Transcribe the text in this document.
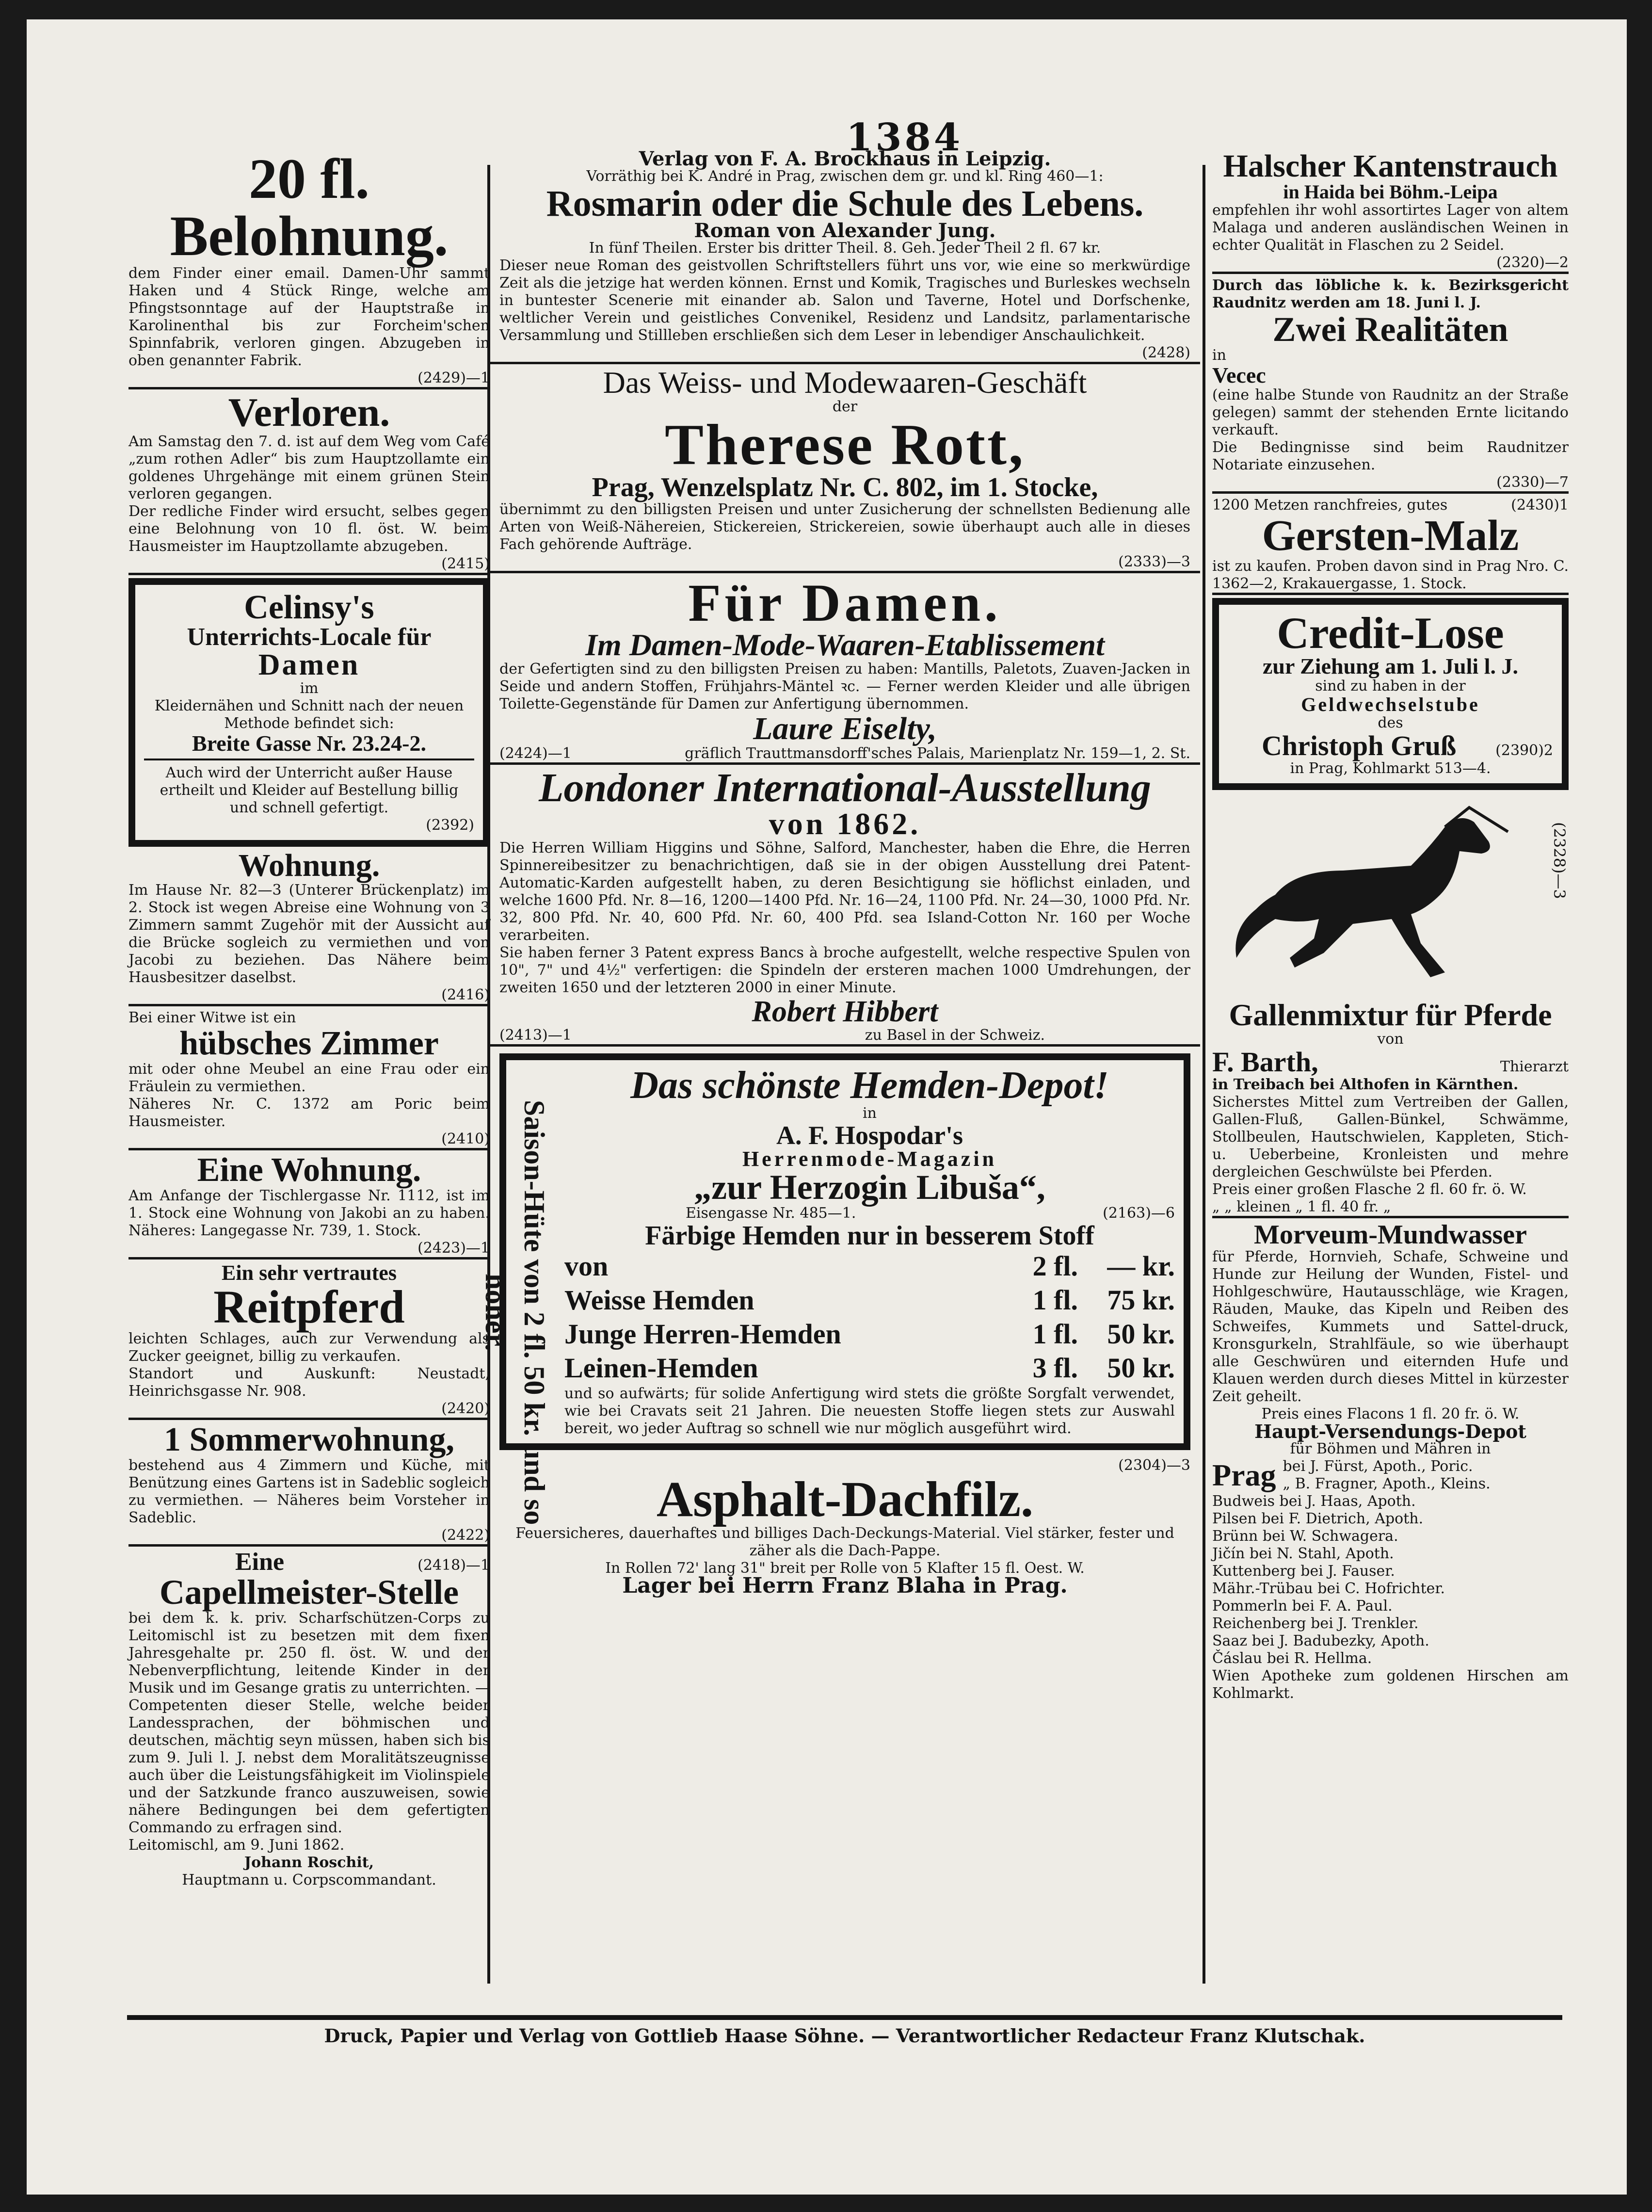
1384
20 fl. Belohnung.
dem Finder einer email. Damen-Uhr sammt Haken und 4 Stück Ringe, welche am Pfingstsonntage auf der Hauptstraße in Karolinenthal bis zur Forcheim'schen Spinnfabrik, verloren gingen. Abzugeben in oben genannter Fabrik.
(2429)—1
Verloren.
Am Samstag den 7. d. ist auf dem Weg vom Café „zum rothen Adler“ bis zum Hauptzollamte ein goldenes Uhrgehänge mit einem grünen Stein verloren gegangen.
Der redliche Finder wird ersucht, selbes gegen eine Belohnung von 10 fl. öst. W. beim Hausmeister im Hauptzollamte abzugeben.
(2415)
Celinsy's
Unterrichts-Locale für
Damen
im
Kleidernähen und Schnitt nach der neuen Methode befindet sich:
Breite Gasse Nr. 23.24-2.
Auch wird der Unterricht außer Hause ertheilt und Kleider auf Bestellung billig und schnell gefertigt.
(2392)
Wohnung.
Im Hause Nr. 82—3 (Unterer Brückenplatz) im 2. Stock ist wegen Abreise eine Wohnung von 3 Zimmern sammt Zugehör mit der Aussicht auf die Brücke sogleich zu vermiethen und von Jacobi zu beziehen. Das Nähere beim Hausbesitzer daselbst.
(2416)
Bei einer Witwe ist ein
hübsches Zimmer
mit oder ohne Meubel an eine Frau oder ein Fräulein zu vermiethen.
Näheres Nr. C. 1372 am Poric beim Hausmeister.
(2410)
Eine Wohnung.
Am Anfange der Tischlergasse Nr. 1112, ist im 1. Stock eine Wohnung von Jakobi an zu haben. Näheres: Langegasse Nr. 739, 1. Stock.
(2423)—1
Ein sehr vertrautes
Reitpferd
leichten Schlages, auch zur Verwendung als Zucker geeignet, billig zu verkaufen.
Standort und Auskunft: Neustadt, Heinrichsgasse Nr. 908.
(2420)
1 Sommerwohnung,
bestehend aus 4 Zimmern und Küche, mit Benützung eines Gartens ist in Sadeblic sogleich zu vermiethen. — Näheres beim Vorsteher in Sadeblic.
(2422)
Eine	(2418)—1
Capellmeister-Stelle
bei dem k. k. priv. Scharfschützen-Corps zu Leitomischl ist zu besetzen mit dem fixen Jahresgehalte pr. 250 fl. öst. W. und der Nebenverpflichtung, leitende Kinder in der Musik und im Gesange gratis zu unterrichten. — Competenten dieser Stelle, welche beider Landessprachen, der böhmischen und deutschen, mächtig seyn müssen, haben sich bis zum 9. Juli l. J. nebst dem Moralitätszeugnisse auch über die Leistungsfähigkeit im Violinspiele und der Satzkunde franco auszuweisen, sowie nähere Bedingungen bei dem gefertigten Commando zu erfragen sind.
Leitomischl, am 9. Juni 1862.
Johann Roschit,
Hauptmann u. Corpscommandant.
Verlag von F. A. Brockhaus in Leipzig.
Vorräthig bei K. André in Prag, zwischen dem gr. und kl. Ring 460—1:
Rosmarin oder die Schule des Lebens.
Roman von Alexander Jung.
In fünf Theilen. Erster bis dritter Theil. 8. Geh. Jeder Theil 2 fl. 67 kr.
Dieser neue Roman des geistvollen Schriftstellers führt uns vor, wie eine so merkwürdige Zeit als die jetzige hat werden können. Ernst und Komik, Tragisches und Burleskes wechseln in buntester Scenerie mit einander ab. Salon und Taverne, Hotel und Dorfschenke, weltlicher Verein und geistliches Convenikel, Residenz und Landsitz, parlamentarische Versammlung und Stillleben erschließen sich dem Leser in lebendiger Anschaulichkeit.
(2428)
Das Weiss- und Modewaaren-Geschäft
der
Therese Rott,
Prag, Wenzelsplatz Nr. C. 802, im 1. Stocke,
übernimmt zu den billigsten Preisen und unter Zusicherung der schnellsten Bedienung alle Arten von Weiß-Nähereien, Stickereien, Strickereien, sowie überhaupt auch alle in dieses Fach gehörende Aufträge.
(2333)—3
Für Damen.
Im Damen-Mode-Waaren-Etablissement
der Gefertigten sind zu den billigsten Preisen zu haben: Mantills, Paletots, Zuaven-Jacken in Seide und andern Stoffen, Frühjahrs-Mäntel ꝛc. — Ferner werden Kleider und alle übrigen Toilette-Gegenstände für Damen zur Anfertigung übernommen.
Laure Eiselty,
(2424)—1	gräflich Trauttmansdorff'sches Palais, Marienplatz Nr. 159—1, 2. St.
Londoner International-Ausstellung
von 1862.
Die Herren William Higgins und Söhne, Salford, Manchester, haben die Ehre, die Herren Spinnereibesitzer zu benachrichtigen, daß sie in der obigen Ausstellung drei Patent-Automatic-Karden aufgestellt haben, zu deren Besichtigung sie höflichst einladen, und welche 1600 Pfd. Nr. 8—16, 1200—1400 Pfd. Nr. 16—24, 1100 Pfd. Nr. 24—30, 1000 Pfd. Nr. 32, 800 Pfd. Nr. 40, 600 Pfd. Nr. 60, 400 Pfd. sea Island-Cotton Nr. 160 per Woche verarbeiten.
Sie haben ferner 3 Patent express Bancs à broche aufgestellt, welche respective Spulen von 10", 7" und 4½" verfertigen: die Spindeln der ersteren machen 1000 Umdrehungen, der zweiten 1650 und der letzteren 2000 in einer Minute.
Robert Hibbert
(2413)—1	zu Basel in der Schweiz.
Saison-Hüte von 2 fl. 50 kr. und so höher.
Das schönste Hemden-Depot!
in
A. F. Hospodar's
Herrenmode-Magazin
„zur Herzogin Libuša“,
Eisengasse Nr. 485—1.	(2163)—6
Färbige Hemden nur in besserem Stoff
von	2 fl.	— kr.
Weisse Hemden	1 fl.	75 kr.
Junge Herren-Hemden	1 fl.	50 kr.
Leinen-Hemden	3 fl.	50 kr.
und so aufwärts; für solide Anfertigung wird stets die größte Sorgfalt verwendet, wie bei Cravats seit 21 Jahren. Die neuesten Stoffe liegen stets zur Auswahl bereit, wo jeder Auftrag so schnell wie nur möglich ausgeführt wird.
(2304)—3
Asphalt-Dachfilz.
Feuersicheres, dauerhaftes und billiges Dach-Deckungs-Material. Viel stärker, fester und zäher als die Dach-Pappe.
In Rollen 72' lang 31" breit per Rolle von 5 Klafter 15 fl. Oest. W.
Lager bei Herrn Franz Blaha in Prag.
Halscher Kantenstrauch
in Haida bei Böhm.-Leipa
empfehlen ihr wohl assortirtes Lager von altem Malaga und anderen ausländischen Weinen in echter Qualität in Flaschen zu 2 Seidel.
(2320)—2
Durch das löbliche k. k. Bezirksgericht Raudnitz werden am 18. Juni l. J.
Zwei Realitäten
in
Vecec
(eine halbe Stunde von Raudnitz an der Straße gelegen) sammt der stehenden Ernte licitando verkauft.
Die Bedingnisse sind beim Raudnitzer Notariate einzusehen.
(2330)—7
1200 Metzen ranchfreies, gutes	(2430)1
Gersten-Malz
ist zu kaufen. Proben davon sind in Prag Nro. C. 1362—2, Krakauergasse, 1. Stock.
Credit-Lose
zur Ziehung am 1. Juli l. J.
sind zu haben in der
Geldwechselstube
des
Christoph Gruß	(2390)2
in Prag, Kohlmarkt 513—4.
(2328)—3
Gallenmixtur für Pferde
von
F. Barth,	Thierarzt
in Treibach bei Althofen in Kärnthen.
Sicherstes Mittel zum Vertreiben der Gallen, Gallen-Fluß, Gallen-Bünkel, Schwämme, Stollbeulen, Hautschwielen, Kappleten, Stich- u. Ueberbeine, Kronleisten und mehre dergleichen Geschwülste bei Pferden.
Preis einer großen Flasche 2 fl. 60 fr. ö. W.
„ „ kleinen „ 1 fl. 40 fr. „
Morveum-Mundwasser
für Pferde, Hornvieh, Schafe, Schweine und Hunde zur Heilung der Wunden, Fistel- und Hohlgeschwüre, Hautausschläge, wie Kragen, Räuden, Mauke, das Kipeln und Reiben des Schweifes, Kummets und Sattel-druck, Kronsgurkeln, Strahlfäule, so wie überhaupt alle Geschwüren und eiternden Hufe und Klauen werden durch dieses Mittel in kürzester Zeit geheilt.
Preis eines Flacons 1 fl. 20 fr. ö. W.
Haupt-Versendungs-Depot
für Böhmen und Mähren in
Prag bei J. Fürst, Apoth., Poric.
„ B. Fragner, Apoth., Kleins.
Budweis bei J. Haas, Apoth.
Pilsen bei F. Dietrich, Apoth.
Brünn bei W. Schwagera.
Jičín bei N. Stahl, Apoth.
Kuttenberg bei J. Fauser.
Mähr.-Trübau bei C. Hofrichter.
Pommerln bei F. A. Paul.
Reichenberg bei J. Trenkler.
Saaz bei J. Badubezky, Apoth.
Čáslau bei R. Hellma.
Wien Apotheke zum goldenen Hirschen am Kohlmarkt.
Druck, Papier und Verlag von Gottlieb Haase Söhne. — Verantwortlicher Redacteur Franz Klutschak.
